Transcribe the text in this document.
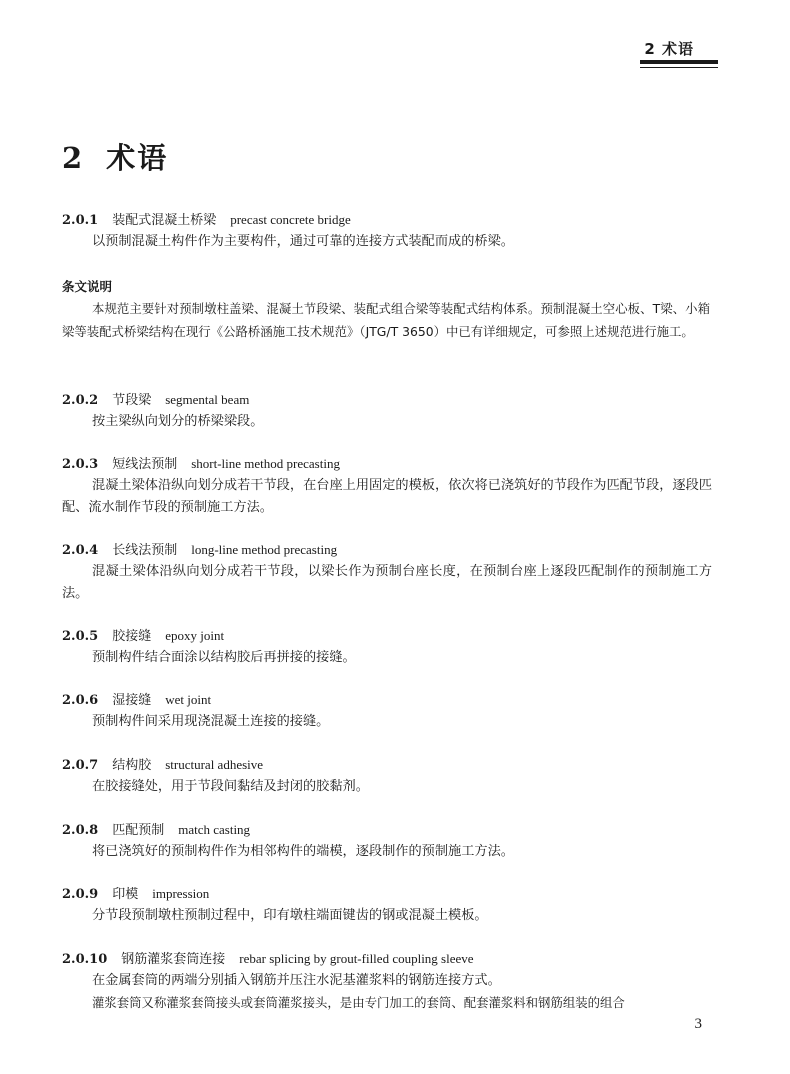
2 术语
2 术语
2.0.1 装配式混凝土桥梁 precast concrete bridge

以预制混凝土构件作为主要构件，通过可靠的连接方式装配而成的桥梁。

条文说明

本规范主要针对预制墩柱盖梁、混凝土节段梁、装配式组合梁等装配式结构体系。预制混凝土空心板、T梁、小箱梁等装配式桥梁结构在现行《公路桥涵施工技术规范》（JTG/T 3650）中已有详细规定，可参照上述规范进行施工。

2.0.2 节段梁 segmental beam

按主梁纵向划分的桥梁梁段。

2.0.3 短线法预制 short-line method precasting

混凝土梁体沿纵向划分成若干节段，在台座上用固定的模板，依次将已浇筑好的节段作为匹配节段，逐段匹配、流水制作节段的预制施工方法。

2.0.4 长线法预制 long-line method precasting

混凝土梁体沿纵向划分成若干节段，以梁长作为预制台座长度，在预制台座上逐段匹配制作的预制施工方法。

2.0.5 胶接缝 epoxy joint

预制构件结合面涂以结构胶后再拼接的接缝。

2.0.6 湿接缝 wet joint

预制构件间采用现浇混凝土连接的接缝。

2.0.7 结构胶 structural adhesive

在胶接缝处，用于节段间黏结及封闭的胶黏剂。

2.0.8 匹配预制 match casting

将已浇筑好的预制构件作为相邻构件的端模，逐段制作的预制施工方法。

2.0.9 印模 impression

分节段预制墩柱预制过程中，印有墩柱端面键齿的钢或混凝土模板。

2.0.10 钢筋灌浆套筒连接 rebar splicing by grout-filled coupling sleeve

在金属套筒的两端分别插入钢筋并压注水泥基灌浆料的钢筋连接方式。

灌浆套筒又称灌浆套筒接头或套筒灌浆接头，是由专门加工的套筒、配套灌浆料和钢筋组装的组合

3
